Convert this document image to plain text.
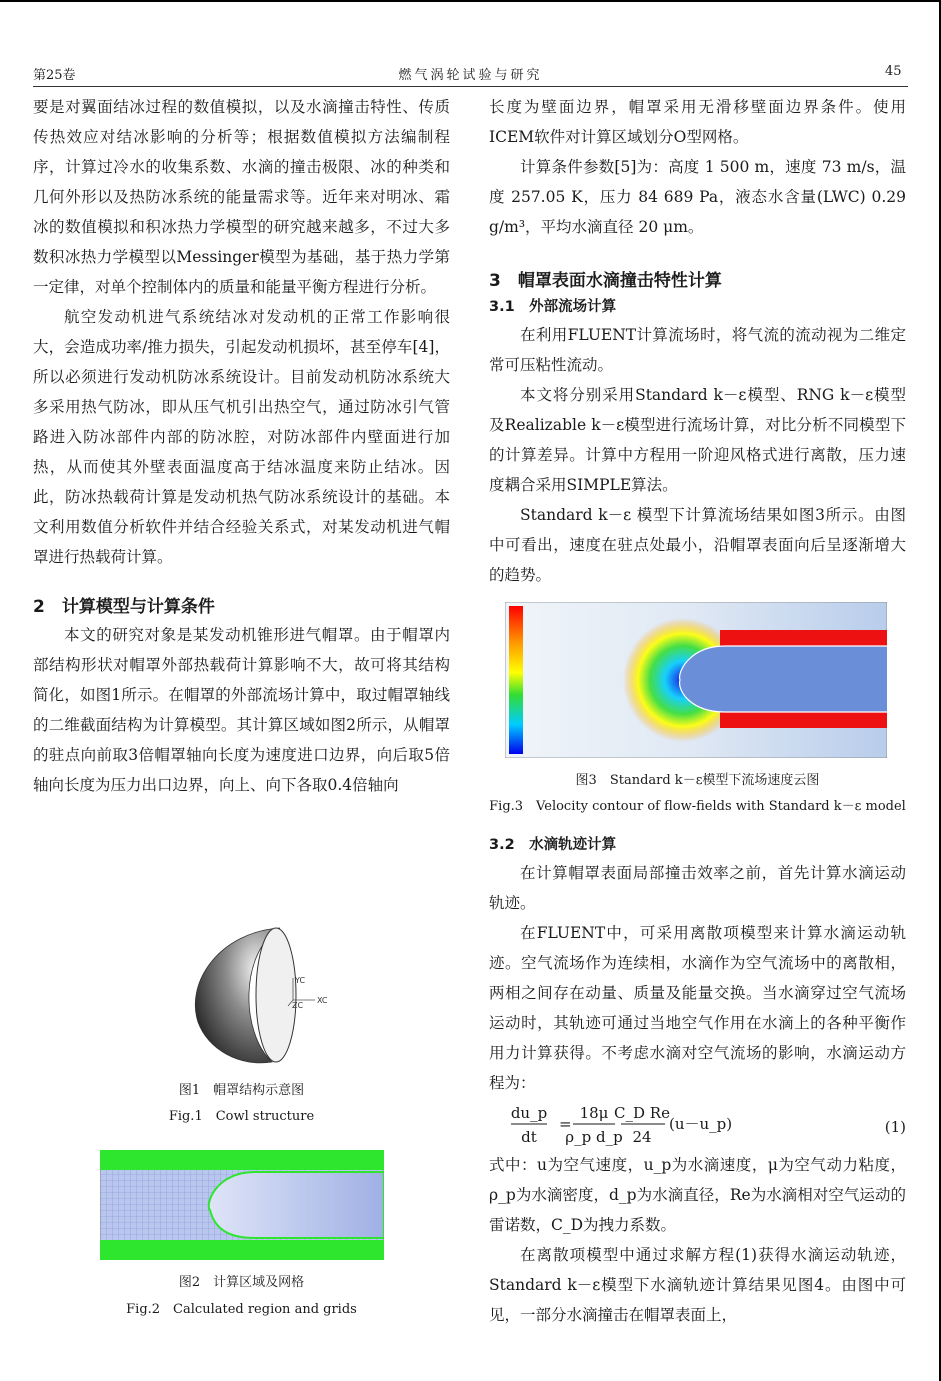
第25卷	燃气涡轮试验与研究	45

要是对翼面结冰过程的数值模拟，以及水滴撞击特性、传质传热效应对结冰影响的分析等；根据数值模拟方法编制程序，计算过冷水的收集系数、水滴的撞击极限、冰的种类和几何外形以及热防冰系统的能量需求等。近年来对明冰、霜冰的数值模拟和积冰热力学模型的研究越来越多，不过大多数积冰热力学模型以Messinger模型为基础，基于热力学第一定律，对单个控制体内的质量和能量平衡方程进行分析。

航空发动机进气系统结冰对发动机的正常工作影响很大，会造成功率/推力损失，引起发动机损坏，甚至停车[4]，所以必须进行发动机防冰系统设计。目前发动机防冰系统大多采用热气防冰，即从压气机引出热空气，通过防冰引气管路进入防冰部件内部的防冰腔，对防冰部件内壁面进行加热，从而使其外壁表面温度高于结冰温度来防止结冰。因此，防冰热载荷计算是发动机热气防冰系统设计的基础。本文利用数值分析软件并结合经验关系式，对某发动机进气帽罩进行热载荷计算。

2　计算模型与计算条件

本文的研究对象是某发动机锥形进气帽罩。由于帽罩内部结构形状对帽罩外部热载荷计算影响不大，故可将其结构简化，如图1所示。在帽罩的外部流场计算中，取过帽罩轴线的二维截面结构为计算模型。其计算区域如图2所示，从帽罩的驻点向前取3倍帽罩轴向长度为速度进口边界，向后取5倍轴向长度为压力出口边界，向上、向下各取0.4倍轴向

YC
XC
ZC
图1　帽罩结构示意图
Fig.1　Cowl structure
图2　计算区域及网格
Fig.2　Calculated region and grids

长度为壁面边界，帽罩采用无滑移壁面边界条件。使用ICEM软件对计算区域划分O型网格。

计算条件参数[5]为：高度 1 500 m，速度 73 m/s，温度 257.05 K，压力 84 689 Pa，液态水含量(LWC) 0.29 g/m³，平均水滴直径 20 μm。

3　帽罩表面水滴撞击特性计算

3.1　外部流场计算

在利用FLUENT计算流场时，将气流的流动视为二维定常可压粘性流动。

本文将分别采用Standard k－ε模型、RNG k－ε模型及Realizable k－ε模型进行流场计算，对比分析不同模型下的计算差异。计算中方程用一阶迎风格式进行离散，压力速度耦合采用SIMPLE算法。

Standard k－ε 模型下计算流场结果如图3所示。由图中可看出，速度在驻点处最小，沿帽罩表面向后呈逐渐增大的趋势。

图3　Standard k－ε模型下流场速度云图
Fig.3　Velocity contour of flow-fields with Standard k－ε model

3.2　水滴轨迹计算

在计算帽罩表面局部撞击效率之前，首先计算水滴运动轨迹。

在FLUENT中，可采用离散项模型来计算水滴运动轨迹。空气流场作为连续相，水滴作为空气流场中的离散相，两相之间存在动量、质量及能量交换。当水滴穿过空气流场运动时，其轨迹可通过当地空气作用在水滴上的各种平衡作用力计算获得。不考虑水滴对空气流场的影响，水滴运动方程为：

du_p
dt
=
18μ
ρ_p d_p
C_D Re
24
(u－u_p)	(1)

式中：u为空气速度，u_p为水滴速度，μ为空气动力粘度，ρ_p为水滴密度，d_p为水滴直径，Re为水滴相对空气运动的雷诺数，C_D为拽力系数。

在离散项模型中通过求解方程(1)获得水滴运动轨迹，Standard k－ε模型下水滴轨迹计算结果见图4。由图中可见，一部分水滴撞击在帽罩表面上，
